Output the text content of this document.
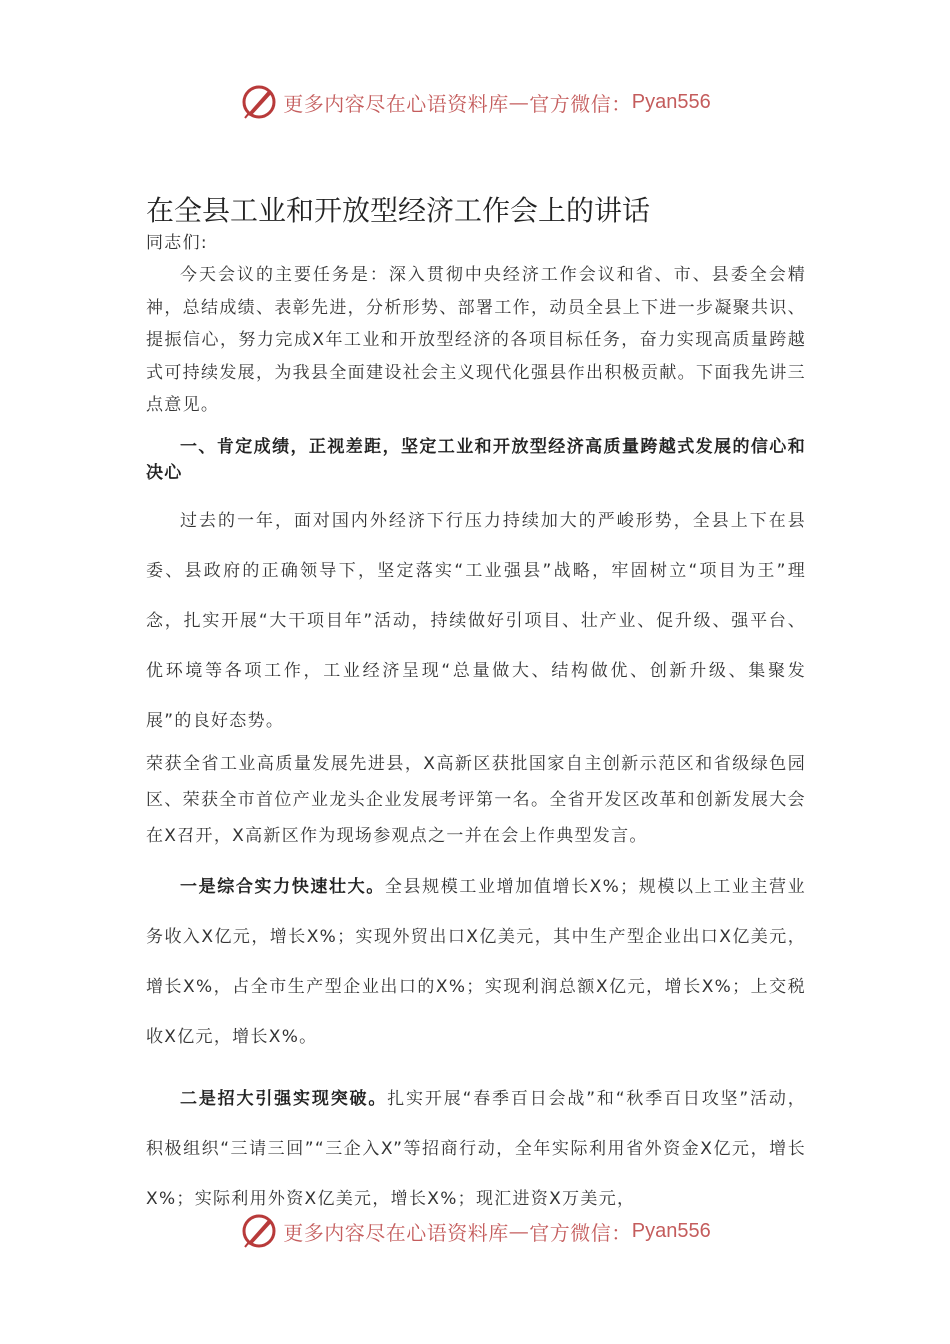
更多内容尽在心语资料库 — 官方微信： Pyan556
在全县工业和开放型经济工作会上的讲话

同志们:

今天会议的主要任务是：深入贯彻中央经济工作会议和省、市、县委全会精神，总结成绩、表彰先进，分析形势、部署工作，动员全县上下进一步凝聚共识、提振信心，努力完成X年工业和开放型经济的各项目标任务，奋力实现高质量跨越式可持续发展，为我县全面建设社会主义现代化强县作出积极贡献。下面我先讲三点意见。

一、肯定成绩，正视差距，坚定工业和开放型经济高质量跨越式发展的信心和决心

过去的一年，面对国内外经济下行压力持续加大的严峻形势，全县上下在县委、县政府的正确领导下，坚定落实“工业强县”战略，牢固树立“项目为王”理念，扎实开展“大干项目年”活动，持续做好引项目、壮产业、促升级、强平台、优环境等各项工作，工业经济呈现“总量做大、结构做优、创新升级、集聚发展”的良好态势。

荣获全省工业高质量发展先进县，X高新区获批国家自主创新示范区和省级绿色园区、荣获全市首位产业龙头企业发展考评第一名。全省开发区改革和创新发展大会在X召开，X高新区作为现场参观点之一并在会上作典型发言。

一是综合实力快速壮大。全县规模工业增加值增长X%；规模以上工业主营业务收入X亿元，增长X%；实现外贸出口X亿美元，其中生产型企业出口X亿美元，增长X%，占全市生产型企业出口的X%；实现利润总额X亿元，增长X%；上交税收X亿元，增长X%。

二是招大引强实现突破。扎实开展“春季百日会战”和“秋季百日攻坚”活动，积极组织“三请三回”“三企入X”等招商行动，全年实际利用省外资金X亿元，增长X%；实际利用外资X亿美元，增长X%；现汇进资X万美元，

更多内容尽在心语资料库 — 官方微信： Pyan556
